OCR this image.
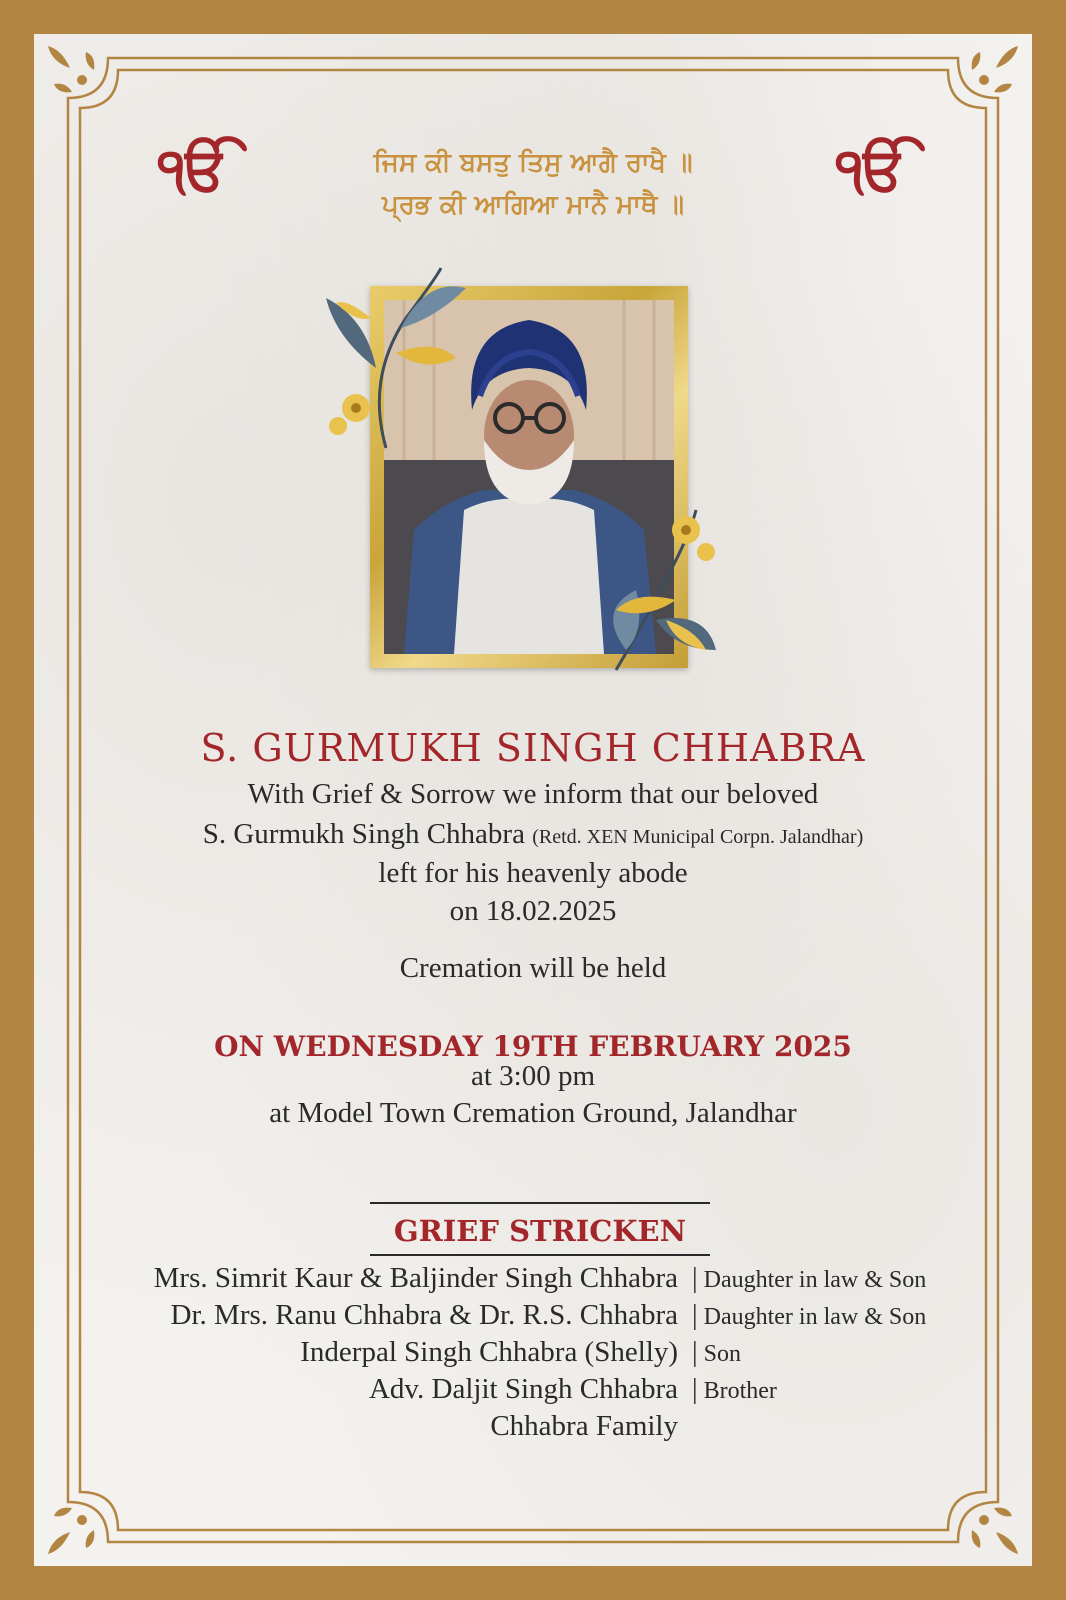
ੴ	ੴ
ਜਿਸ ਕੀ ਬਸਤੁ ਤਿਸੁ ਆਗੈ ਰਾਖੈ ॥
ਪ੍ਰਭ ਕੀ ਆਗਿਆ ਮਾਨੈ ਮਾਥੈ ॥
S. GURMUKH SINGH CHHABRA
With Grief & Sorrow we inform that our beloved
S. Gurmukh Singh Chhabra (Retd. XEN Municipal Corpn. Jalandhar)
left for his heavenly abode
on 18.02.2025
Cremation will be held
ON WEDNESDAY 19TH FEBRUARY 2025
at 3:00 pm
at Model Town Cremation Ground, Jalandhar
GRIEF STRICKEN
Mrs. Simrit Kaur & Baljinder Singh Chhabra | Daughter in law & Son
Dr. Mrs. Ranu Chhabra & Dr. R.S. Chhabra | Daughter in law & Son
Inderpal Singh Chhabra (Shelly) | Son
Adv. Daljit Singh Chhabra | Brother
Chhabra Family
